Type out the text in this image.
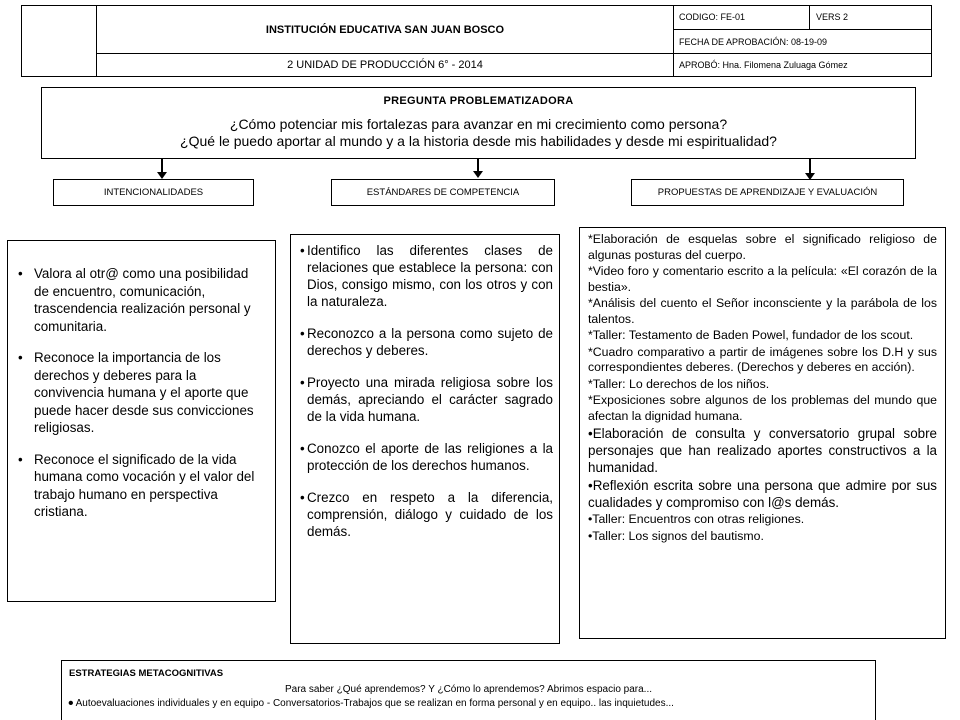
INSTITUCIÓN EDUCATIVA SAN JUAN BOSCO
2 UNIDAD DE PRODUCCIÓN 6° - 2014
CODIGO: FE-01	VERS 2
FECHA DE APROBACIÓN: 08-19-09
APROBÓ: Hna. Filomena Zuluaga Gómez
PREGUNTA PROBLEMATIZADORA
¿Cómo potenciar mis fortalezas para avanzar en mi crecimiento como persona?
¿Qué le puedo aportar al mundo y a la historia desde mis habilidades y desde mi espiritualidad?
INTENCIONALIDADES	ESTÁNDARES DE COMPETENCIA	PROPUESTAS DE APRENDIZAJE Y EVALUACIÓN
• Valora al otr@ como una posibilidad de encuentro, comunicación, trascendencia realización personal y comunitaria.
• Reconoce la importancia de los derechos y deberes para la convivencia humana y el aporte que puede hacer desde sus convicciones religiosas.
• Reconoce el significado de la vida humana como vocación y el valor del trabajo humano en perspectiva cristiana.
• Identifico las diferentes clases de relaciones que establece la persona: con Dios, consigo mismo, con los otros y con la naturaleza.
• Reconozco a la persona como sujeto de derechos y deberes.
• Proyecto una mirada religiosa sobre los demás, apreciando el carácter sagrado de la vida humana.
• Conozco el aporte de las religiones a la protección de los derechos humanos.
• Crezco en respeto a la diferencia, comprensión, diálogo y cuidado de los demás.
*Elaboración de esquelas sobre el significado religioso de algunas posturas del cuerpo.
*Video foro y comentario escrito a la película: «El corazón de la bestia».
*Análisis del cuento el Señor inconsciente y la parábola de los talentos.
*Taller: Testamento de Baden Powel, fundador de los scout.
*Cuadro comparativo a partir de imágenes sobre los D.H y sus correspondientes deberes. (Derechos y deberes en acción).
*Taller: Lo derechos de los niños.
*Exposiciones sobre algunos de los problemas del mundo que afectan la dignidad humana.
•Elaboración de consulta y conversatorio grupal sobre personajes que han realizado aportes constructivos a la humanidad.
•Reflexión escrita sobre una persona que admire por sus cualidades y compromiso con l@s demás.
•Taller: Encuentros con otras religiones.
•Taller: Los signos del bautismo.
ESTRATEGIAS METACOGNITIVAS
Para saber ¿Qué aprendemos? Y ¿Cómo lo aprendemos? Abrimos espacio para...
• Autoevaluaciones individuales y en equipo - Conversatorios-Trabajos que se realizan en forma personal y en equipo.. las inquietudes...
